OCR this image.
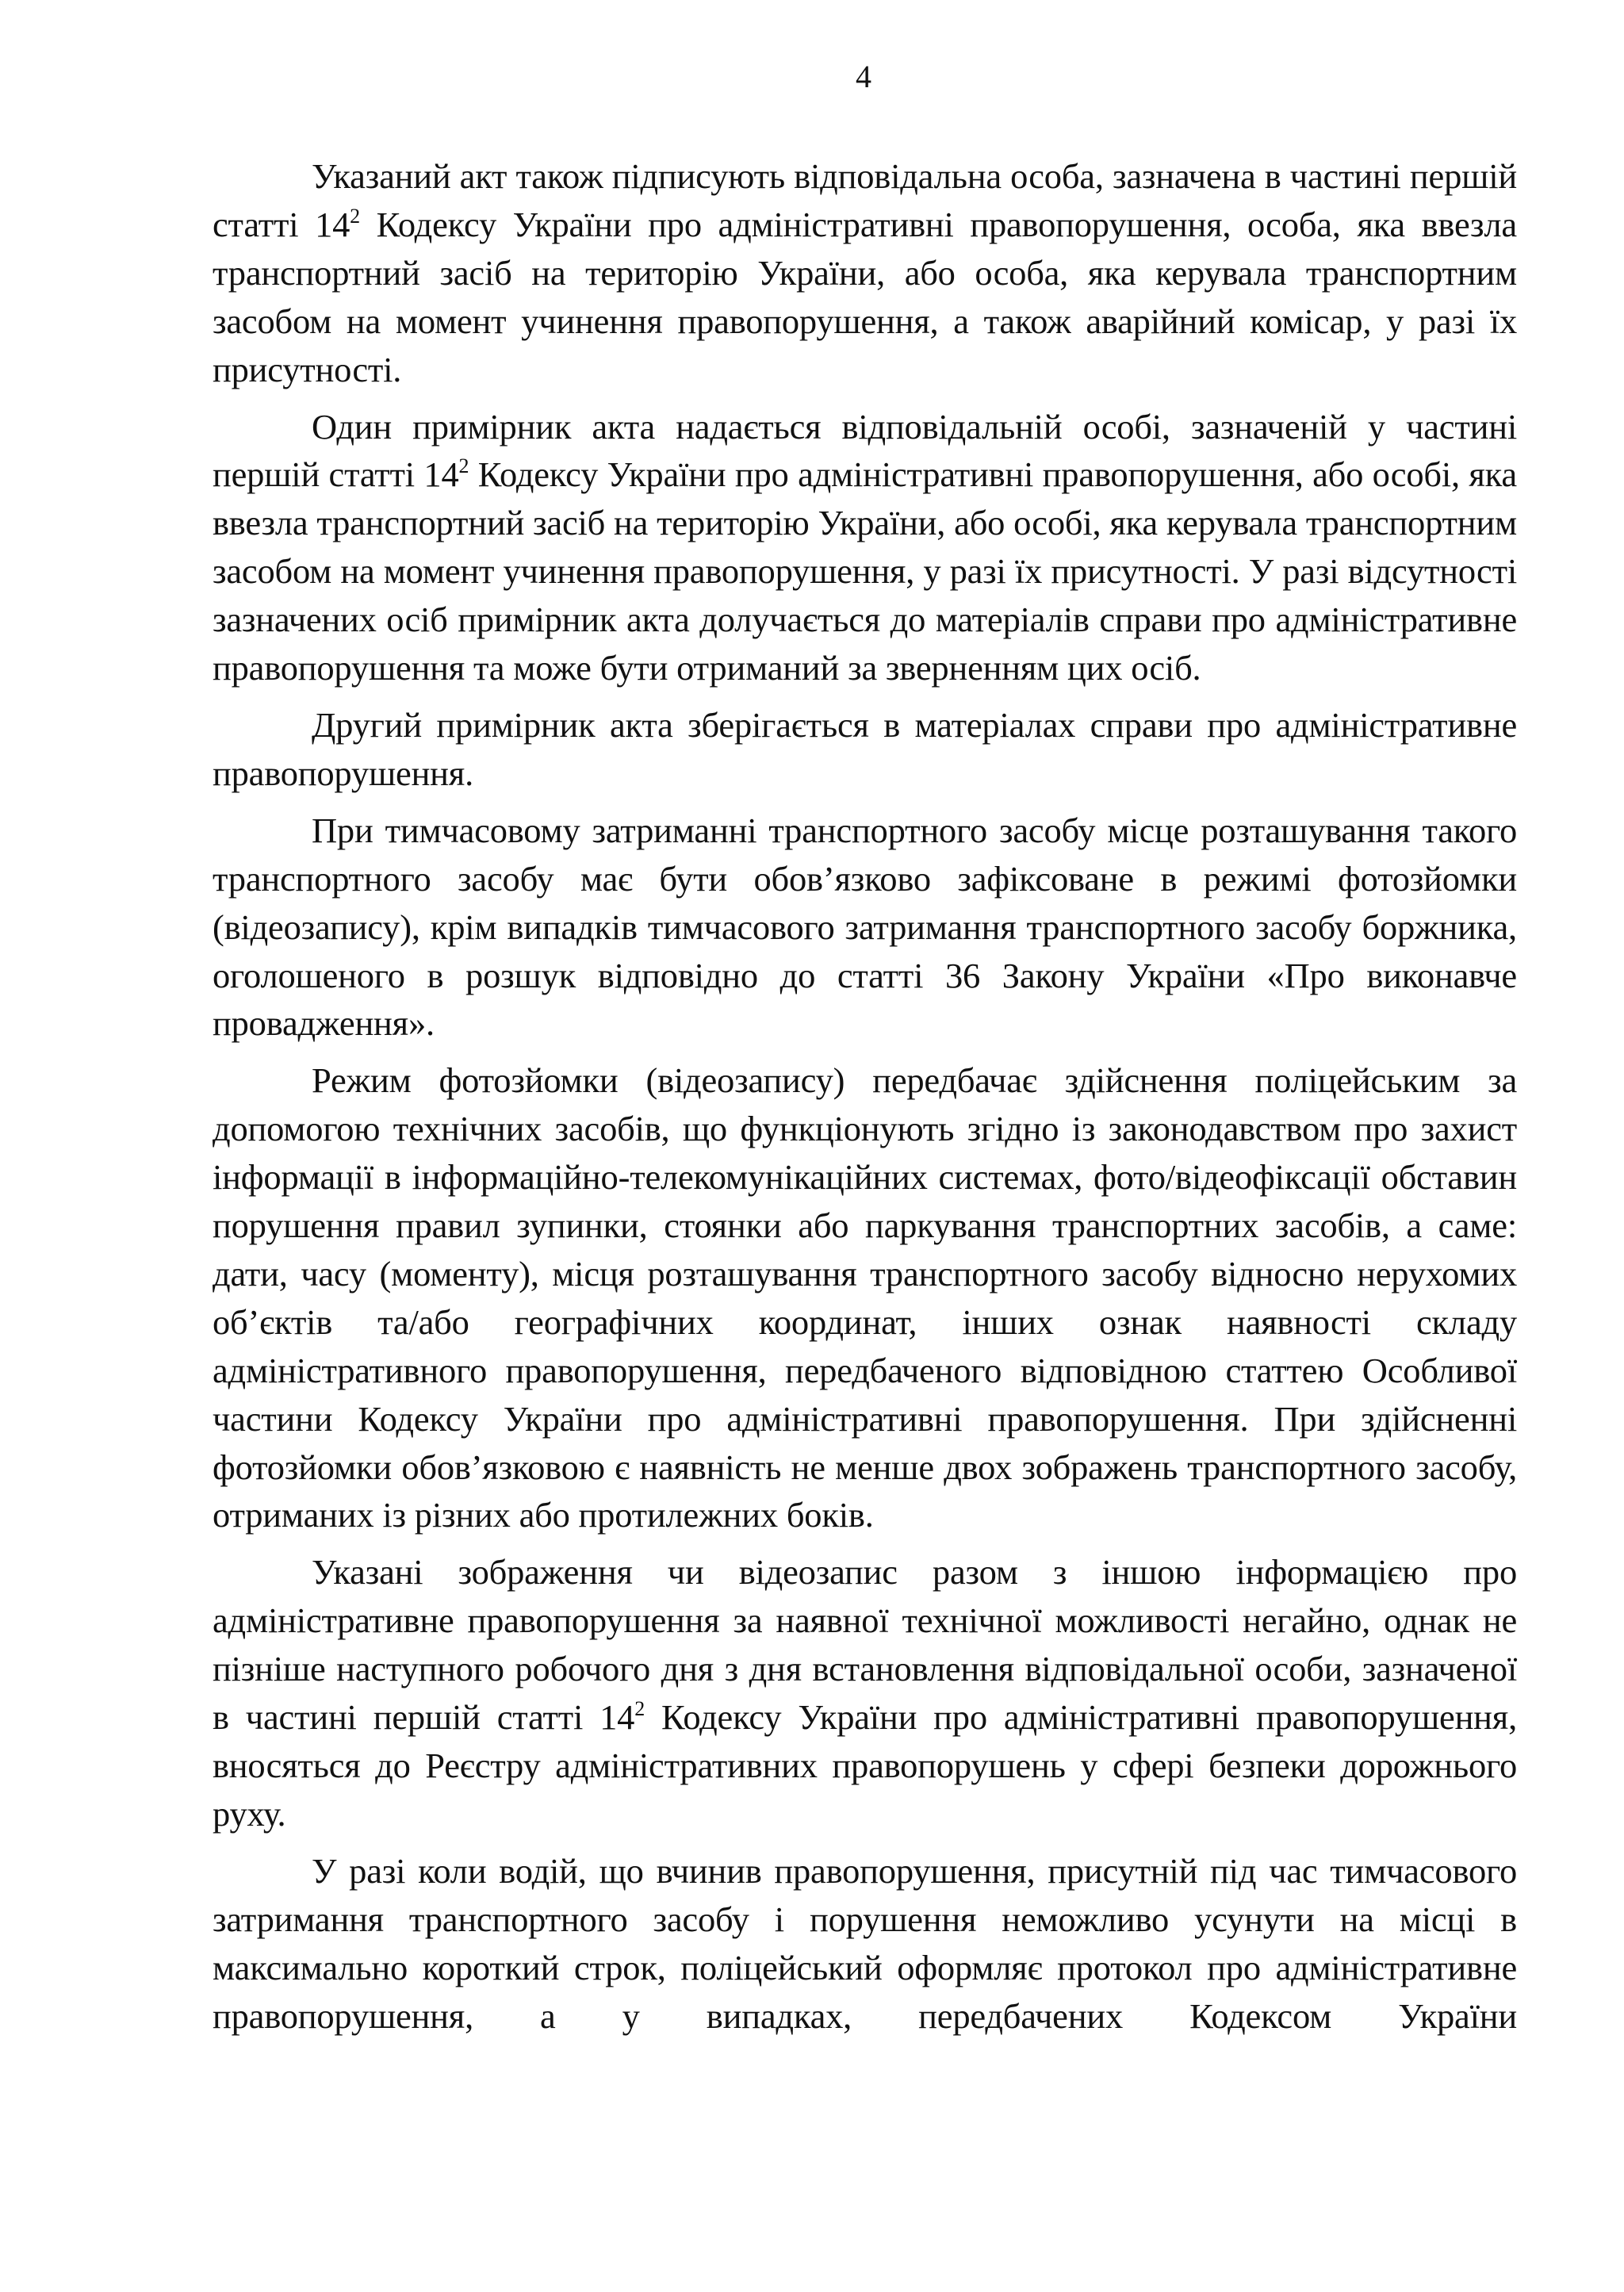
4

Указаний акт також підписують відповідальна особа, зазначена в частині першій статті $14^2$ Кодексу України про адміністративні правопорушення, особа, яка ввезла транспортний засіб на територію України, або особа, яка керувала транспортним засобом на момент учинення правопорушення, а також аварійний комісар, у разі їх присутності.

Один примірник акта надається відповідальній особі, зазначеній у частині першій статті $14^2$ Кодексу України про адміністративні правопорушення, або особі, яка ввезла транспортний засіб на територію України, або особі, яка керувала транспортним засобом на момент учинення правопорушення, у разі їх присутності. У разі відсутності зазначених осіб примірник акта долучається до матеріалів справи про адміністративне правопорушення та може бути отриманий за зверненням цих осіб.

Другий примірник акта зберігається в матеріалах справи про адміністративне правопорушення.

При тимчасовому затриманні транспортного засобу місце розташування такого транспортного засобу має бути обов’язково зафіксоване в режимі фотозйомки (відеозапису), крім випадків тимчасового затримання транспортного засобу боржника, оголошеного в розшук відповідно до статті 36 Закону України «Про виконавче провадження».

Режим фотозйомки (відеозапису) передбачає здійснення поліцейським за допомогою технічних засобів, що функціонують згідно із законодавством про захист інформації в інформаційно-телекомунікаційних системах, фото/відеофіксації обставин порушення правил зупинки, стоянки або паркування транспортних засобів, а саме: дати, часу (моменту), місця розташування транспортного засобу відносно нерухомих об’єктів та/або географічних координат, інших ознак наявності складу адміністративного правопорушення, передбаченого відповідною статтею Особливої частини Кодексу України про адміністративні правопорушення. При здійсненні фотозйомки обов’язковою є наявність не менше двох зображень транспортного засобу, отриманих із різних або протилежних боків.

Указані зображення чи відеозапис разом з іншою інформацією про адміністративне правопорушення за наявної технічної можливості негайно, однак не пізніше наступного робочого дня з дня встановлення відповідальної особи, зазначеної в частині першій статті $14^2$ Кодексу України про адміністративні правопорушення, вносяться до Реєстру адміністративних правопорушень у сфері безпеки дорожнього руху.

У разі коли водій, що вчинив правопорушення, присутній під час тимчасового затримання транспортного засобу і порушення неможливо усунути на місці в максимально короткий строк, поліцейський оформляє протокол про адміністративне правопорушення, а у випадках, передбачених Кодексом України
